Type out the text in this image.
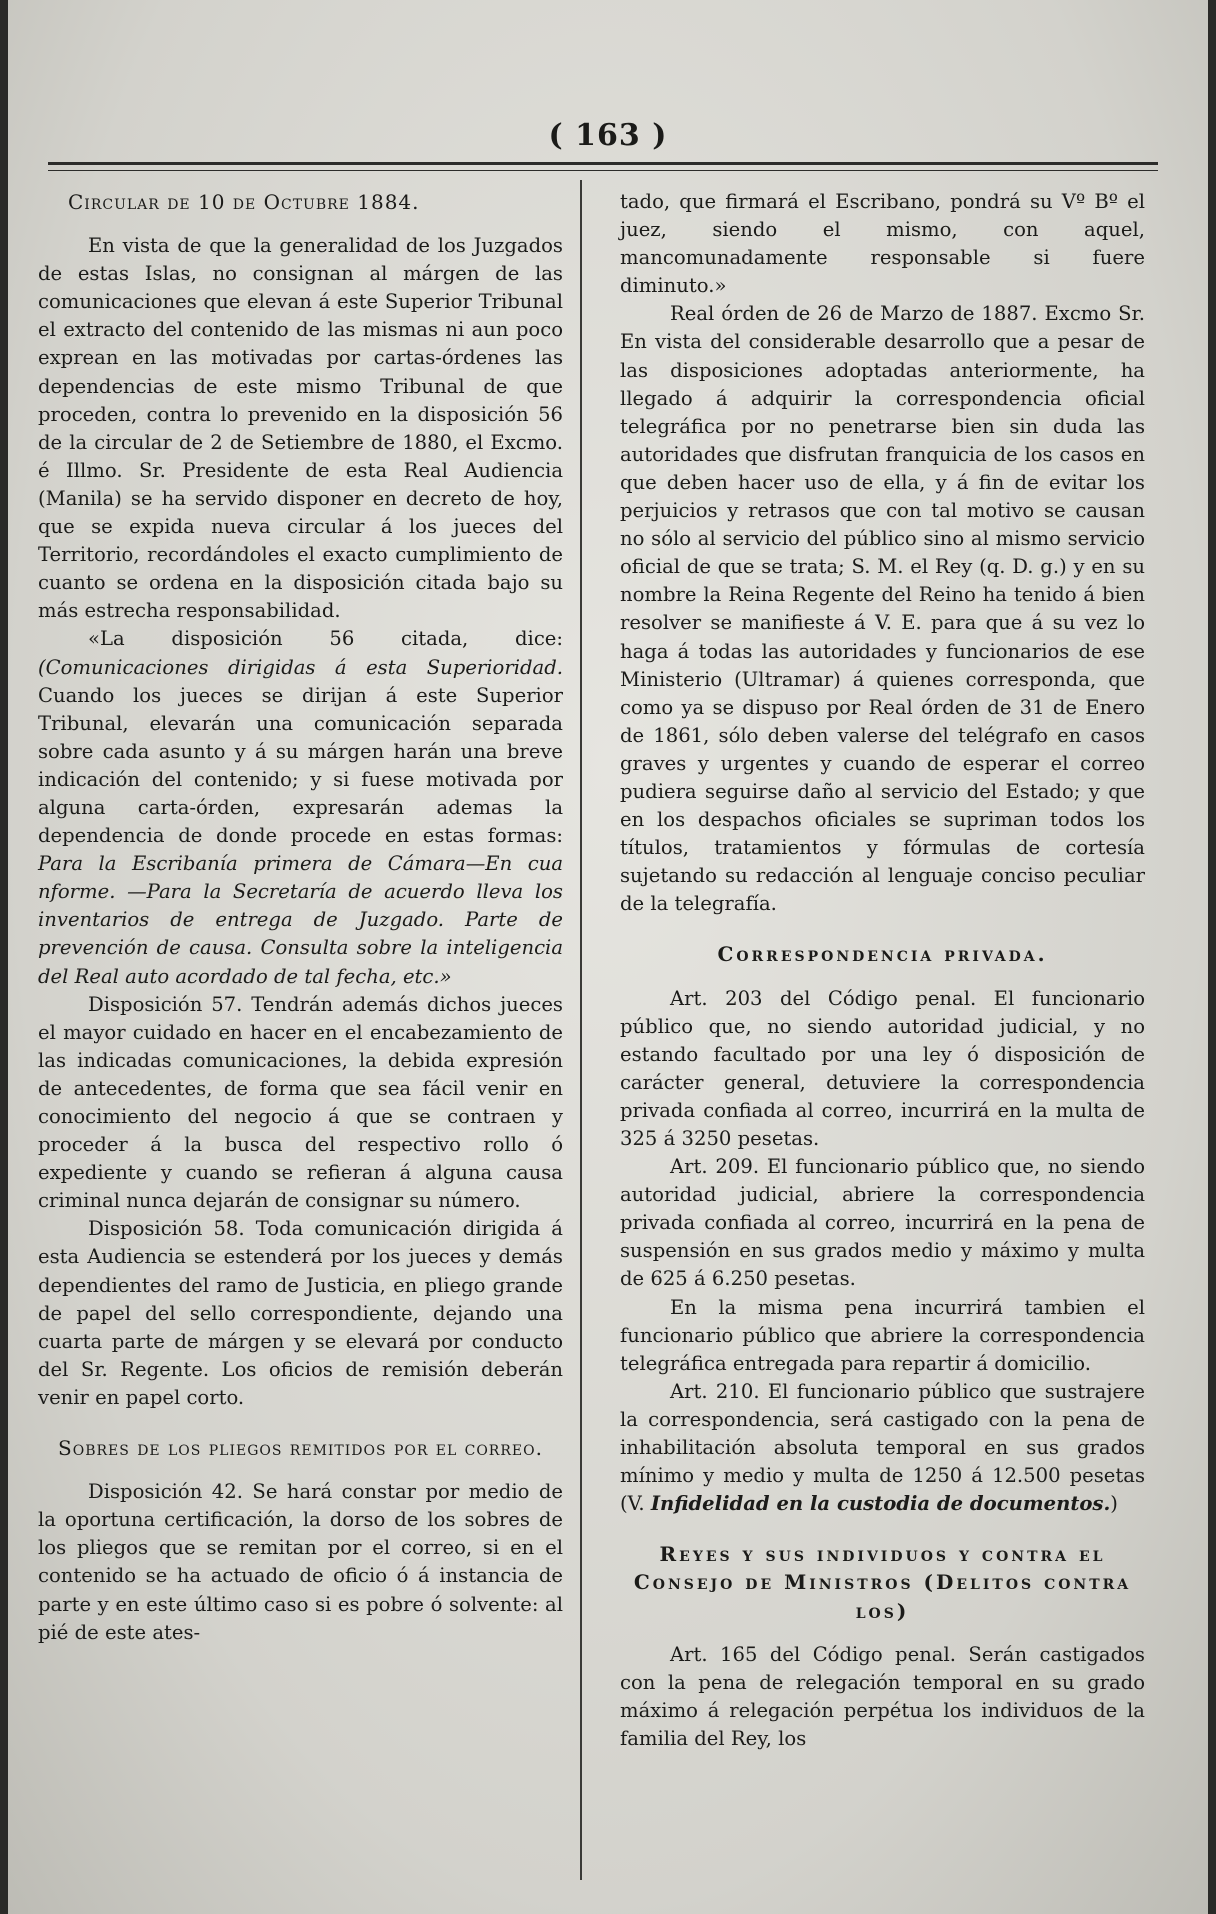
( 163 )
Circular de 10 de Octubre 1884.

En vista de que la generalidad de los Juzgados de estas Islas, no consignan al márgen de las comunicaciones que elevan á este Superior Tribunal el extracto del contenido de las mismas ni aun poco exprean en las motivadas por cartas-órdenes las dependencias de este mismo Tribunal de que proceden, contra lo prevenido en la disposición 56 de la circular de 2 de Setiembre de 1880, el Excmo. é Illmo. Sr. Presidente de esta Real Audiencia (Manila) se ha servido disponer en decreto de hoy, que se expida nueva circular á los jueces del Territorio, recordándoles el exacto cumplimiento de cuanto se ordena en la disposición citada bajo su más estrecha responsabilidad.

«La disposición 56 citada, dice: (Comunicaciones dirigidas á esta Superioridad. Cuando los jueces se dirijan á este Superior Tribunal, elevarán una comunicación separada sobre cada asunto y á su márgen harán una breve indicación del contenido; y si fuese motivada por alguna carta-órden, expresarán ademas la dependencia de donde procede en estas formas: Para la Escribanía primera de Cámara—En cua nforme. —Para la Secretaría de acuerdo lleva los inventarios de entrega de Juzgado. Parte de prevención de causa. Consulta sobre la inteligencia del Real auto acordado de tal fecha, etc.»

Disposición 57. Tendrán además dichos jueces el mayor cuidado en hacer en el encabezamiento de las indicadas comunicaciones, la debida expresión de antecedentes, de forma que sea fácil venir en conocimiento del negocio á que se contraen y proceder á la busca del respectivo rollo ó expediente y cuando se refieran á alguna causa criminal nunca dejarán de consignar su número.

Disposición 58. Toda comunicación dirigida á esta Audiencia se estenderá por los jueces y demás dependientes del ramo de Justicia, en pliego grande de papel del sello correspondiente, dejando una cuarta parte de márgen y se elevará por conducto del Sr. Regente. Los oficios de remisión deberán venir en papel corto.

Sobres de los pliegos remitidos por el correo.

Disposición 42. Se hará constar por medio de la oportuna certificación, la dorso de los sobres de los pliegos que se remitan por el correo, si en el contenido se ha actuado de oficio ó á instancia de parte y en este último caso si es pobre ó solvente: al pié de este ates-

tado, que firmará el Escribano, pondrá su Vº Bº el juez, siendo el mismo, con aquel, mancomunadamente responsable si fuere diminuto.»

Real órden de 26 de Marzo de 1887. Excmo Sr. En vista del considerable desarrollo que a pesar de las disposiciones adoptadas anteriormente, ha llegado á adquirir la correspondencia oficial telegráfica por no penetrarse bien sin duda las autoridades que disfrutan franquicia de los casos en que deben hacer uso de ella, y á fin de evitar los perjuicios y retrasos que con tal motivo se causan no sólo al servicio del público sino al mismo servicio oficial de que se trata; S. M. el Rey (q. D. g.) y en su nombre la Reina Regente del Reino ha tenido á bien resolver se manifieste á V. E. para que á su vez lo haga á todas las autoridades y funcionarios de ese Ministerio (Ultramar) á quienes corresponda, que como ya se dispuso por Real órden de 31 de Enero de 1861, sólo deben valerse del telégrafo en casos graves y urgentes y cuando de esperar el correo pudiera seguirse daño al servicio del Estado; y que en los despachos oficiales se supriman todos los títulos, tratamientos y fórmulas de cortesía sujetando su redacción al lenguaje conciso peculiar de la telegrafía.

Correspondencia privada.

Art. 203 del Código penal. El funcionario público que, no siendo autoridad judicial, y no estando facultado por una ley ó disposición de carácter general, detuviere la correspondencia privada confiada al correo, incurrirá en la multa de 325 á 3250 pesetas.

Art. 209. El funcionario público que, no siendo autoridad judicial, abriere la correspondencia privada confiada al correo, incurrirá en la pena de suspensión en sus grados medio y máximo y multa de 625 á 6.250 pesetas.

En la misma pena incurrirá tambien el funcionario público que abriere la correspondencia telegráfica entregada para repartir á domicilio.

Art. 210. El funcionario público que sustrajere la correspondencia, será castigado con la pena de inhabilitación absoluta temporal en sus grados mínimo y medio y multa de 1250 á 12.500 pesetas (V. Infidelidad en la custodia de documentos.)

Reyes y sus individuos y contra el Consejo de Ministros (Delitos contra los)

Art. 165 del Código penal. Serán castigados con la pena de relegación temporal en su grado máximo á relegación perpétua los individuos de la familia del Rey, los
